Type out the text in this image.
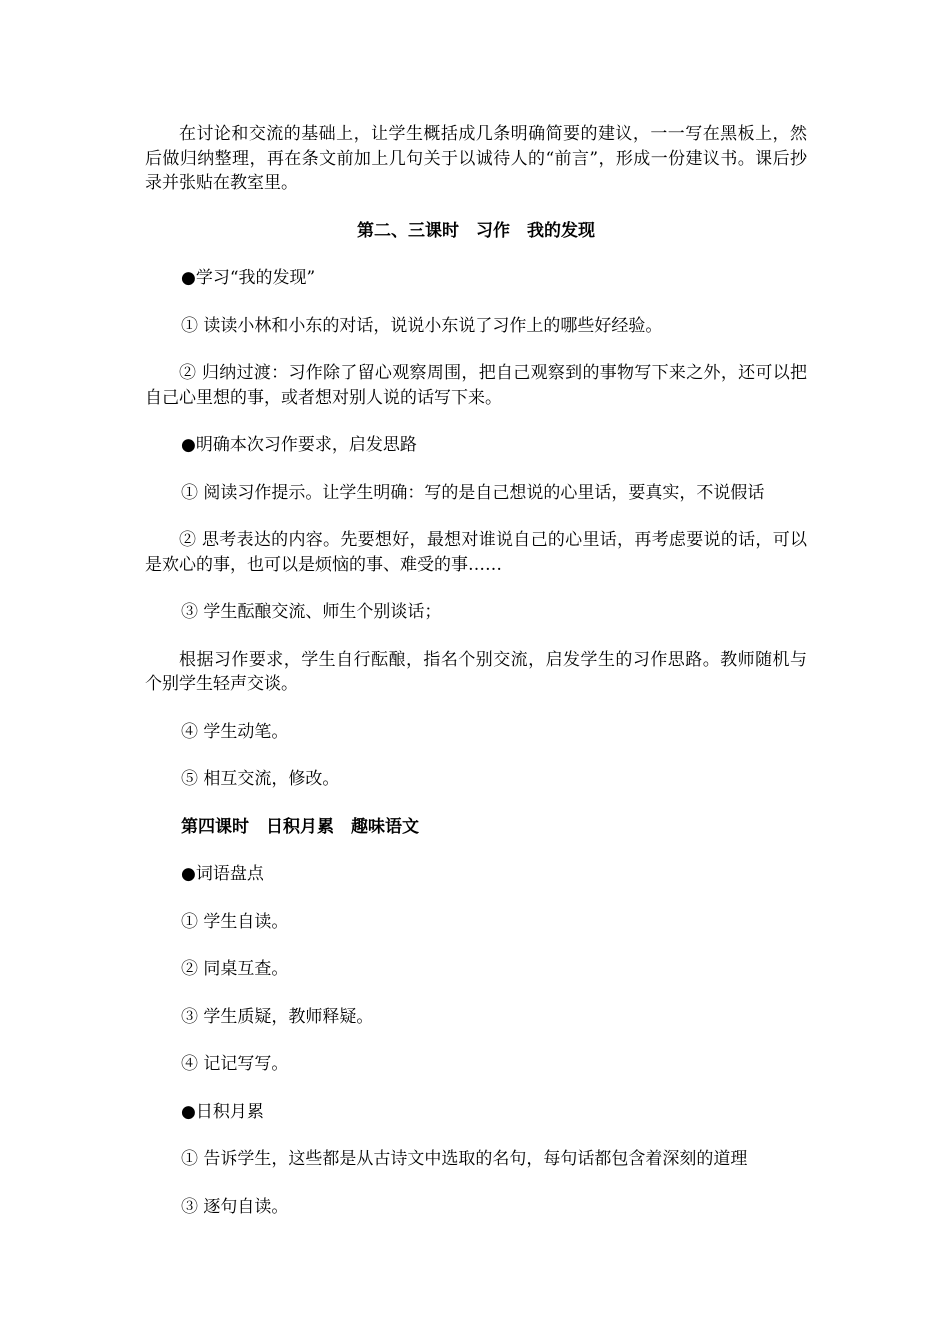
在讨论和交流的基础上，让学生概括成几条明确简要的建议，一一写在黑板上，然后做归纳整理，再在条文前加上几句关于以诚待人的“前言”，形成一份建议书。课后抄录并张贴在教室里。

第二、三课时　习作　我的发现

●学习“我的发现”

① 读读小林和小东的对话，说说小东说了习作上的哪些好经验。

② 归纳过渡：习作除了留心观察周围，把自己观察到的事物写下来之外，还可以把自己心里想的事，或者想对别人说的话写下来。

●明确本次习作要求，启发思路

① 阅读习作提示。让学生明确：写的是自己想说的心里话，要真实，不说假话

② 思考表达的内容。先要想好，最想对谁说自己的心里话，再考虑要说的话，可以是欢心的事，也可以是烦恼的事、难受的事……

③ 学生酝酿交流、师生个别谈话；

根据习作要求，学生自行酝酿，指名个别交流，启发学生的习作思路。教师随机与个别学生轻声交谈。

④ 学生动笔。

⑤ 相互交流，修改。

第四课时　日积月累　趣味语文

●词语盘点

① 学生自读。

② 同桌互查。

③ 学生质疑，教师释疑。

④ 记记写写。

●日积月累

① 告诉学生，这些都是从古诗文中选取的名句，每句话都包含着深刻的道理

③ 逐句自读。
